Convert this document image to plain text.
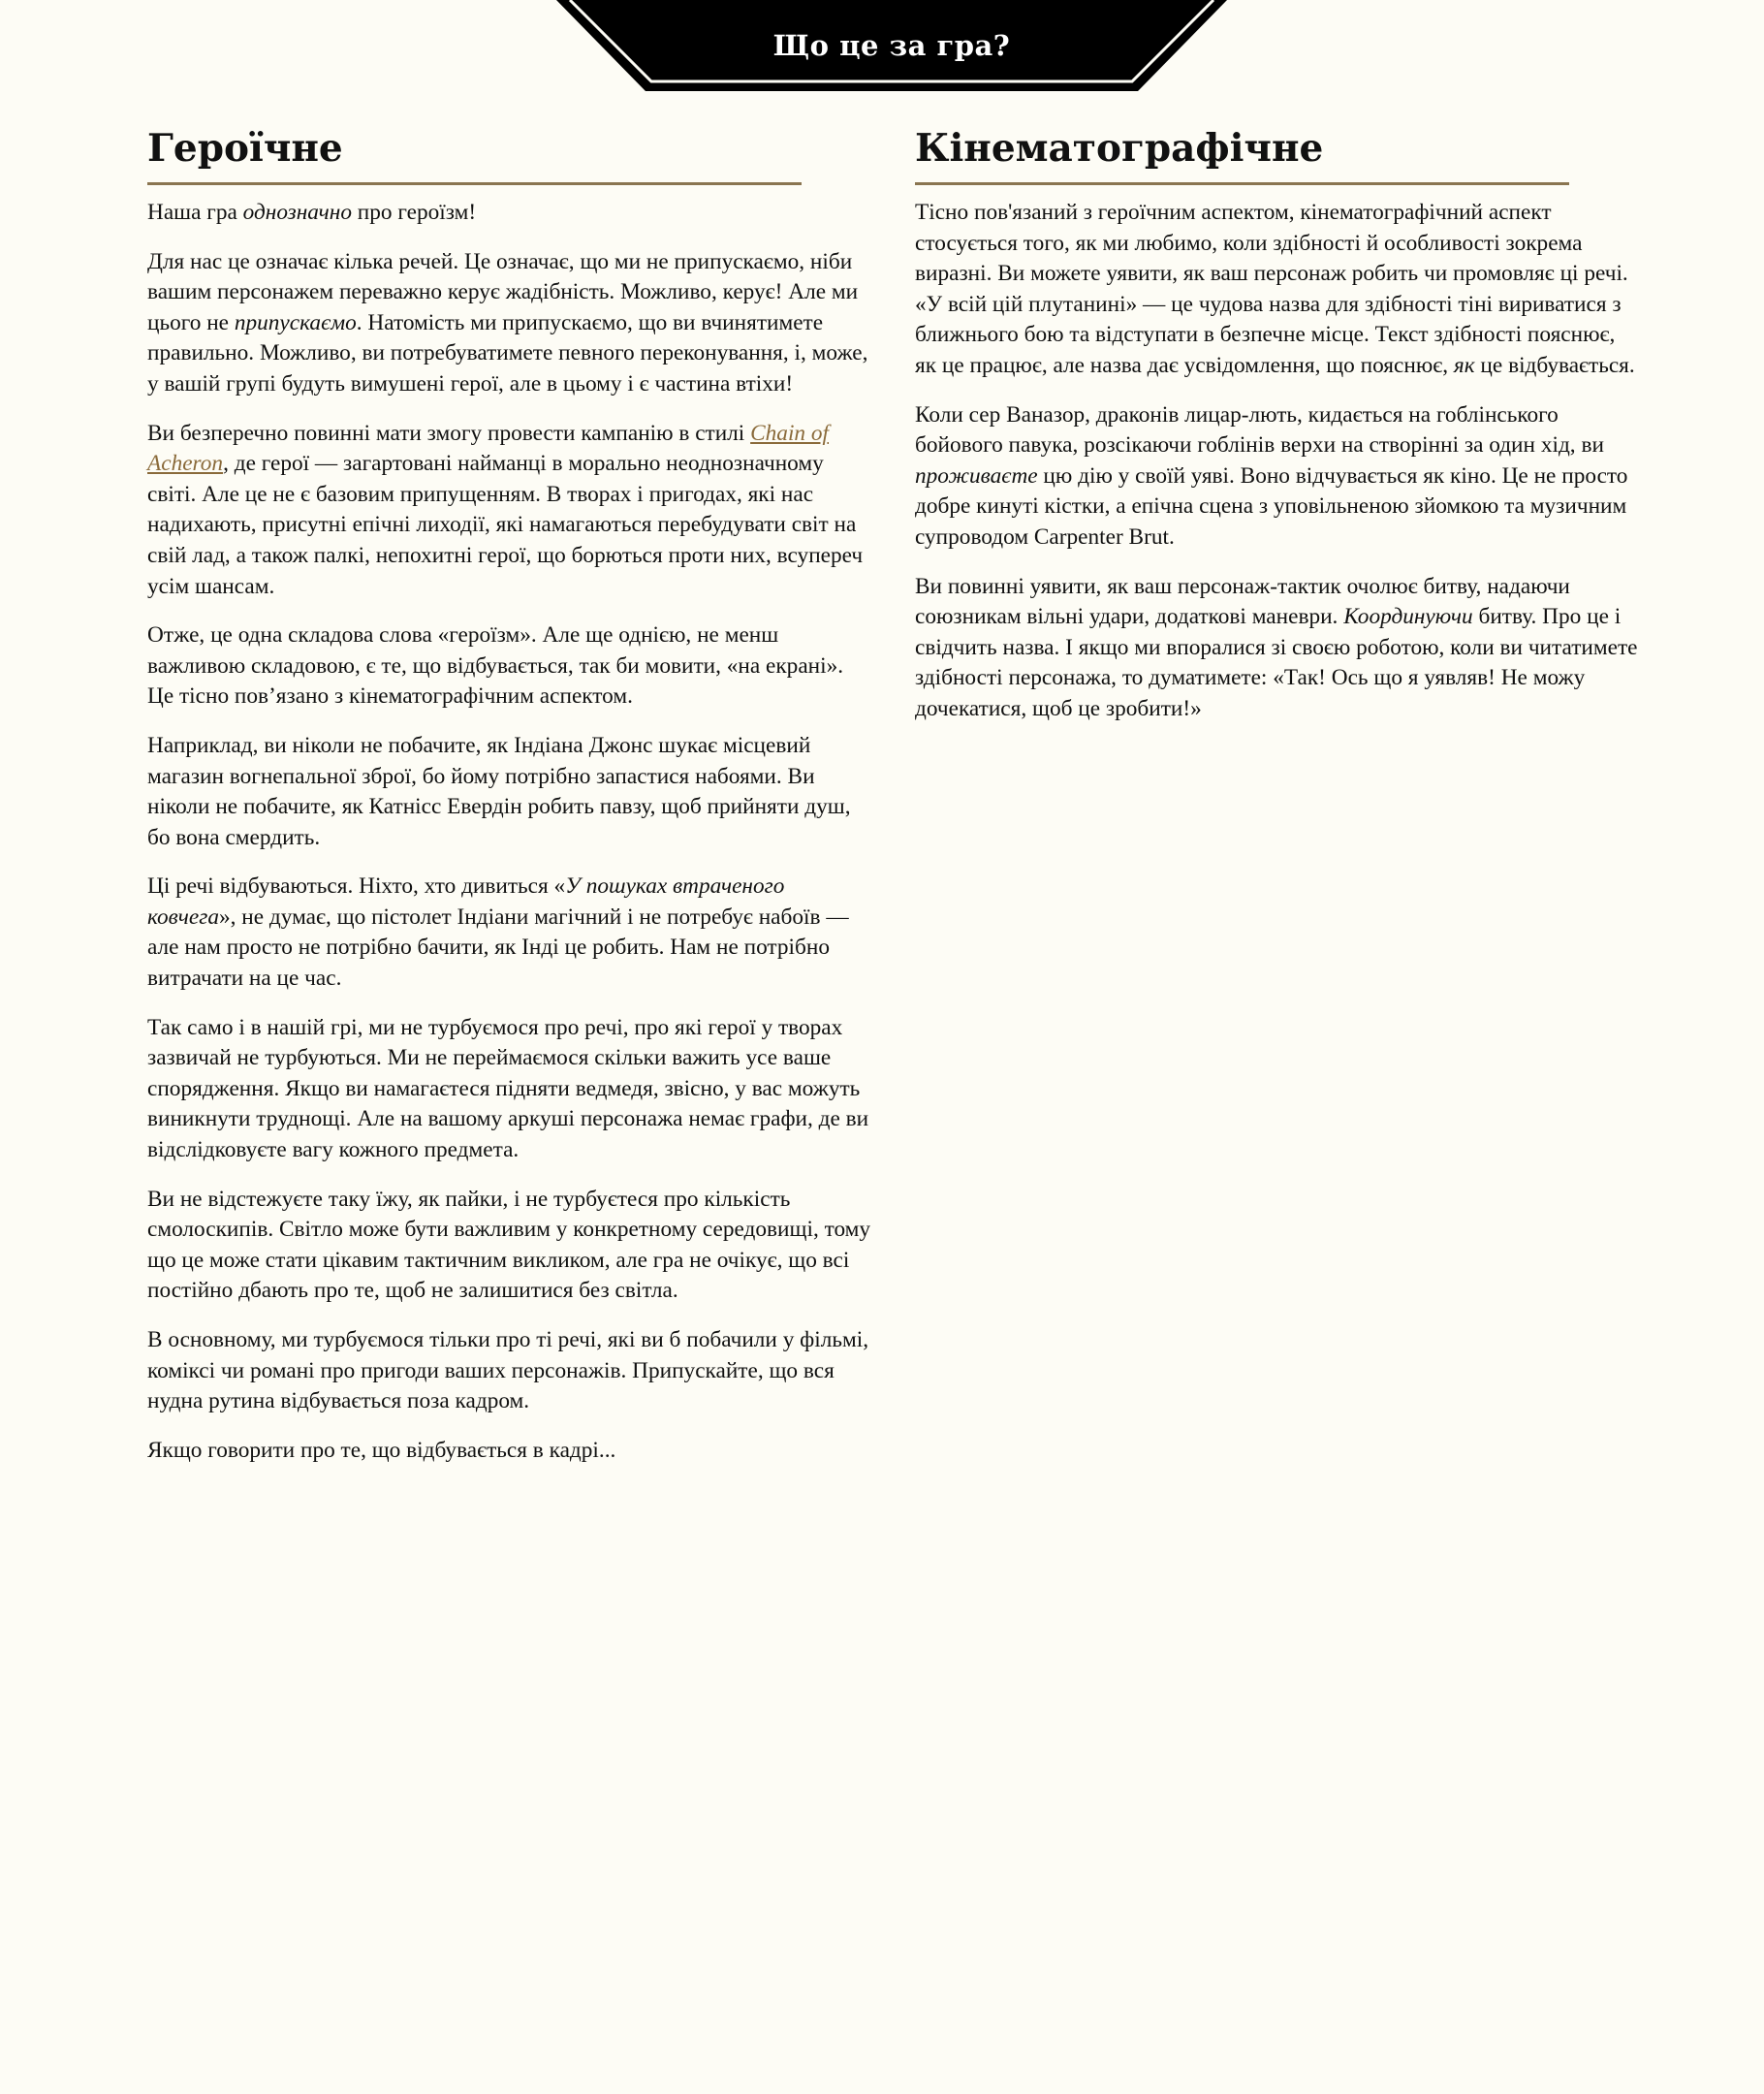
Що це за гра?
Героїчне

Наша гра однозначно про героїзм!

Для нас це означає кілька речей. Це означає, що ми не припускаємо, ніби вашим персонажем переважно керує жадібність. Можливо, керує! Але ми цього не припускаємо. Натомість ми припускаємо, що ви вчинятимете правильно. Можливо, ви потребуватимете певного переконування, і, може, у вашій групі будуть вимушені герої, але в цьому і є частина втіхи!

Ви безперечно повинні мати змогу провести кампанію в стилі Chain of Acheron, де герої — загартовані найманці в морально неоднозначному світі. Але це не є базовим припущенням. В творах і пригодах, які нас надихають, присутні епічні лиходії, які намагаються перебудувати світ на свій лад, а також палкі, непохитні герої, що борються проти них, всупереч усім шансам.

Отже, це одна складова слова «героїзм». Але ще однією, не менш важливою складовою, є те, що відбувається, так би мовити, «на екрані». Це тісно пов’язано з кінематографічним аспектом.

Наприклад, ви ніколи не побачите, як Індіана Джонс шукає місцевий магазин вогнепальної зброї, бо йому потрібно запастися набоями. Ви ніколи не побачите, як Катнісс Евердін робить павзу, щоб прийняти душ, бо вона смердить.

Ці речі відбуваються. Ніхто, хто дивиться «У пошуках втраченого ковчега», не думає, що пістолет Індіани магічний і не потребує набоїв — але нам просто не потрібно бачити, як Інді це робить. Нам не потрібно витрачати на це час.

Так само і в нашій грі, ми не турбуємося про речі, про які герої у творах зазвичай не турбуються. Ми не переймаємося скільки важить усе ваше спорядження. Якщо ви намагаєтеся підняти ведмедя, звісно, у вас можуть виникнути труднощі. Але на вашому аркуші персонажа немає графи, де ви відслідковуєте вагу кожного предмета.

Ви не відстежуєте таку їжу, як пайки, і не турбуєтеся про кількість смолоскипів. Світло може бути важливим у конкретному середовищі, тому що це може стати цікавим тактичним викликом, але гра не очікує, що всі постійно дбають про те, щоб не залишитися без світла.

В основному, ми турбуємося тільки про ті речі, які ви б побачили у фільмі, коміксі чи романі про пригоди ваших персонажів. Припускайте, що вся нудна рутина відбувається поза кадром.

Якщо говорити про те, що відбувається в кадрі...

Кінематографічне

Тісно пов'язаний з героїчним аспектом, кінематографічний аспект стосується того, як ми любимо, коли здібності й особливості зокрема виразні. Ви можете уявити, як ваш персонаж робить чи промовляє ці речі. «У всій цій плутанині» — це чудова назва для здібності тіні вириватися з ближнього бою та відступати в безпечне місце. Текст здібності пояснює, як це працює, але назва дає усвідомлення, що пояснює, як це відбувається.

Коли сер Ваназор, драконів лицар-лють, кидається на гоблінського бойового павука, розсікаючи гоблінів верхи на створінні за один хід, ви проживаєте цю дію у своїй уяві. Воно відчувається як кіно. Це не просто добре кинуті кістки, а епічна сцена з уповільненою зйомкою та музичним супроводом Carpenter Brut.

Ви повинні уявити, як ваш персонаж-тактик очолює битву, надаючи союзникам вільні удари, додаткові маневри. Координуючи битву. Про це і свідчить назва. І якщо ми впоралися зі своєю роботою, коли ви читатимете здібності персонажа, то думатимете: «Так! Ось що я уявляв! Не можу дочекатися, щоб це зробити!»
